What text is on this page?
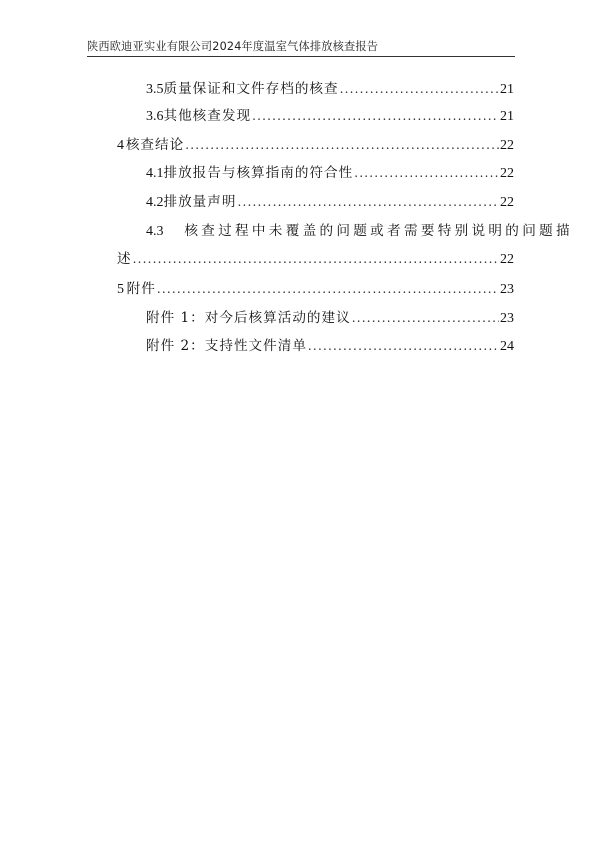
陕西欧迪亚实业有限公司2024年度温室气体排放核查报告
3.5 质量保证和文件存档的核查 .....	21
3.6 其他核查发现 .....	21
4 核查结论 .....	22
4.1 排放报告与核算指南的符合性 .....	22
4.2 排放量声明 .....	22
4.3 核查过程中未覆盖的问题或者需要特别说明的问题描
述 .....	22
5 附件 .....	23
附件 1：对今后核算活动的建议 .....	23
附件 2：支持性文件清单 .....	24
